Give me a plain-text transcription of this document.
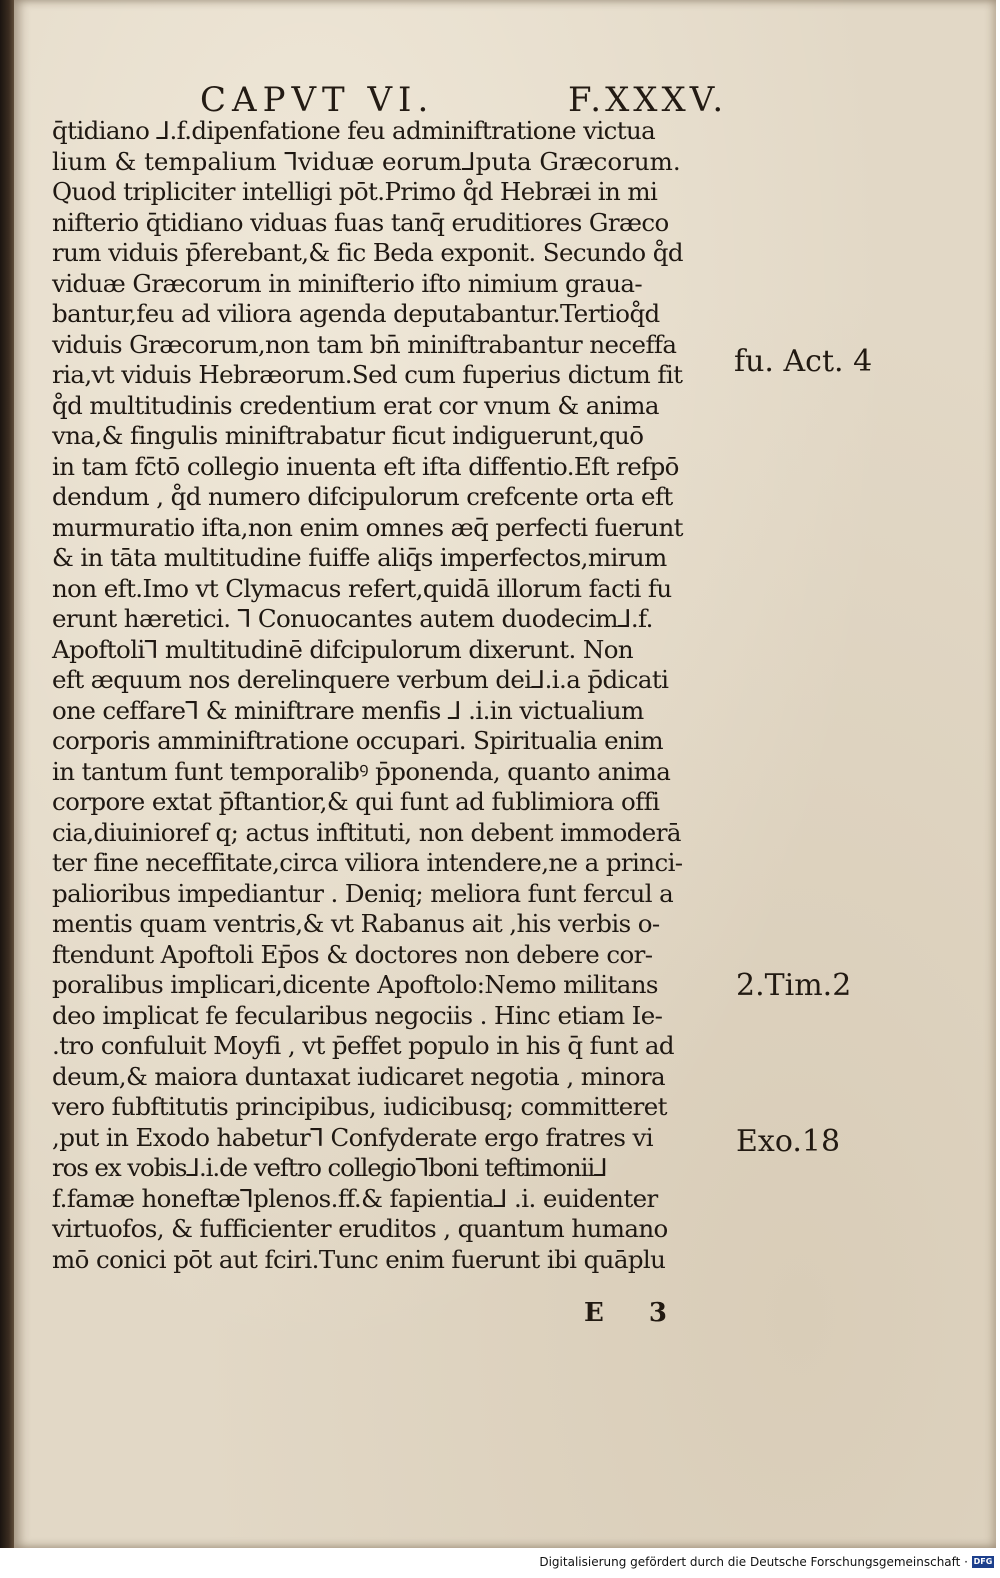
CAPVT VI.	F.XXXV.
q̄tidiano ⅃.f.dipenfatione feu adminiftratione victua
lium & tempalium ⅂viduæ eorum⅃puta Græcorum.
Quod tripliciter intelligi pōt.Primo q̊d Hebræi in mi
nifterio q̄tidiano viduas fuas tanq̄ eruditiores Græco
rum viduis p̄ferebant,& fic Beda exponit. Secundo q̊d
viduæ Græcorum in minifterio ifto nimium graua-
bantur,feu ad viliora agenda deputabantur.Tertioq̊d
viduis Græcorum,non tam bn̄ miniftrabantur neceffa
ria,vt viduis Hebræorum.Sed cum fuperius dictum fit
q̊d multitudinis credentium erat cor vnum & anima
vna,& fingulis miniftrabatur ficut indiguerunt,quō
in tam fc̄tō collegio inuenta eft ifta diffentio.Eft refpō
dendum , q̊d numero difcipulorum crefcente orta eft
murmuratio ifta,non enim omnes æq̄ perfecti fuerunt
& in tāta multitudine fuiffe aliq̄s imperfectos,mirum
non eft.Imo vt Clymacus refert,quidā illorum facti fu
erunt hæretici. ⅂ Conuocantes autem duodecim⅃.f.
Apoftoli⅂ multitudinē difcipulorum dixerunt. Non
eft æquum nos derelinquere verbum dei⅃.i.a p̄dicati
one ceffare⅂ & miniftrare menfis ⅃ .i.in victualium
corporis amminiftratione occupari. Spiritualia enim
in tantum funt temporalibꝰ p̄ponenda, quanto anima
corpore extat p̄ftantior,& qui funt ad fublimiora offi
cia,diuinioref q; actus inftituti, non debent immoderā
ter fine neceffitate,circa viliora intendere,ne a princi-
palioribus impediantur . Deniq; meliora funt fercul a
mentis quam ventris,& vt Rabanus ait ,his verbis o-
ftendunt Apoftoli Ep̄os & doctores non debere cor-
poralibus implicari,dicente Apoftolo:Nemo militans
deo implicat fe fecularibus negociis . Hinc etiam Ie-
.tro confuluit Moyfi , vt p̄effet populo in his q̄ funt ad
deum,& maiora duntaxat iudicaret negotia , minora
vero fubftitutis principibus, iudicibusq; committeret
,put in Exodo habetur⅂ Confyderate ergo fratres vi
ros ex vobis⅃.i.de veftro collegio⅂boni teftimonii⅃
f.famæ honeftæ⅂plenos.ff.& fapientia⅃ .i. euidenter
virtuofos, & fufficienter eruditos , quantum humano
mō conici pōt aut fciri.Tunc enim fuerunt ibi quāplu
fu. Act. 4
2.Tim.2
Exo.18
E 3
Digitalisierung gefördert durch die Deutsche Forschungsgemeinschaft · DFG
